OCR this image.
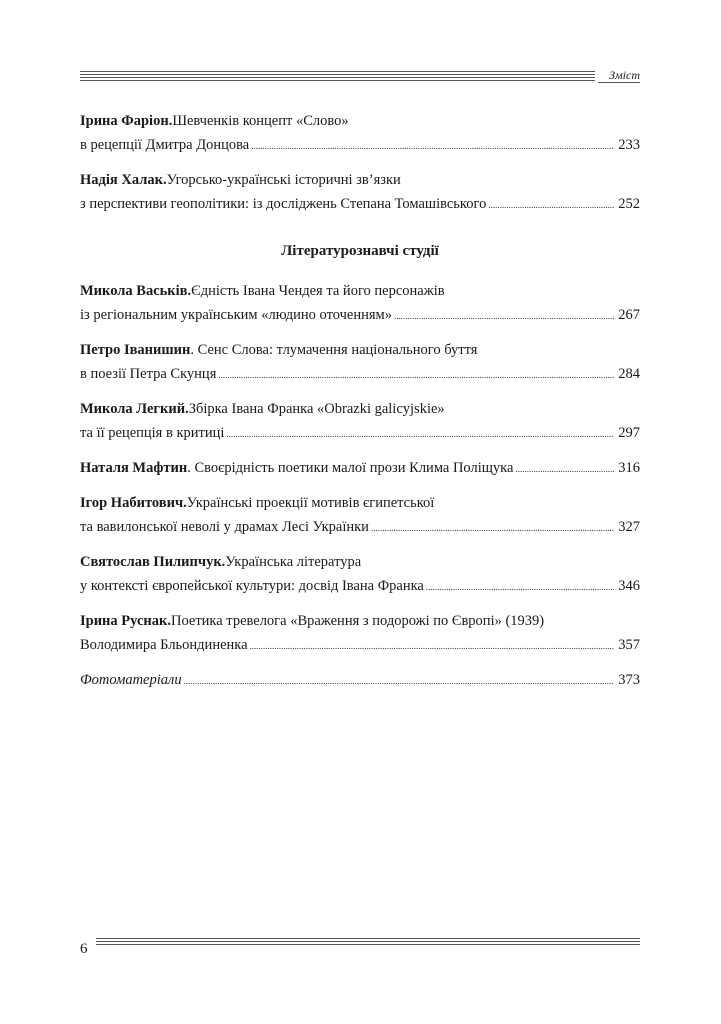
Зміст
Ірина Фаріон. Шевченків концепт «Слово»
в рецепції Дмитра Донцова .....	233
Надія Халак. Угорсько-українські історичні зв’язки
з перспективи геополітики: із досліджень Степана Томашівського .....	252
Літературознавчі студії
Микола Васьків. Єдність Івана Чендея та його персонажів
із регіональним українським «людино оточенням» .....	267
Петро Іванишин . Сенс Слова: тлумачення національного буття
в поезії Петра Скунця .....	284
Микола Легкий. Збірка Івана Франка «Obrazki galicyjskie»
та її рецепція в критиці .....	297
Наталя Мафтин . Своєрідність поетики малої прози Клима Поліщука .....	316
Ігор Набитович. Українські проекції мотивів єгипетської
та вавилонської неволі у драмах Лесі Українки .....	327
Святослав Пилипчук. Українська література
у контексті європейської культури: досвід Івана Франка .....	346
Ірина Руснак. Поетика тревелога «Враження з подорожі по Європі» (1939)
Володимира Бльондиненка .....	357
Фотоматеріали .....	373
6
